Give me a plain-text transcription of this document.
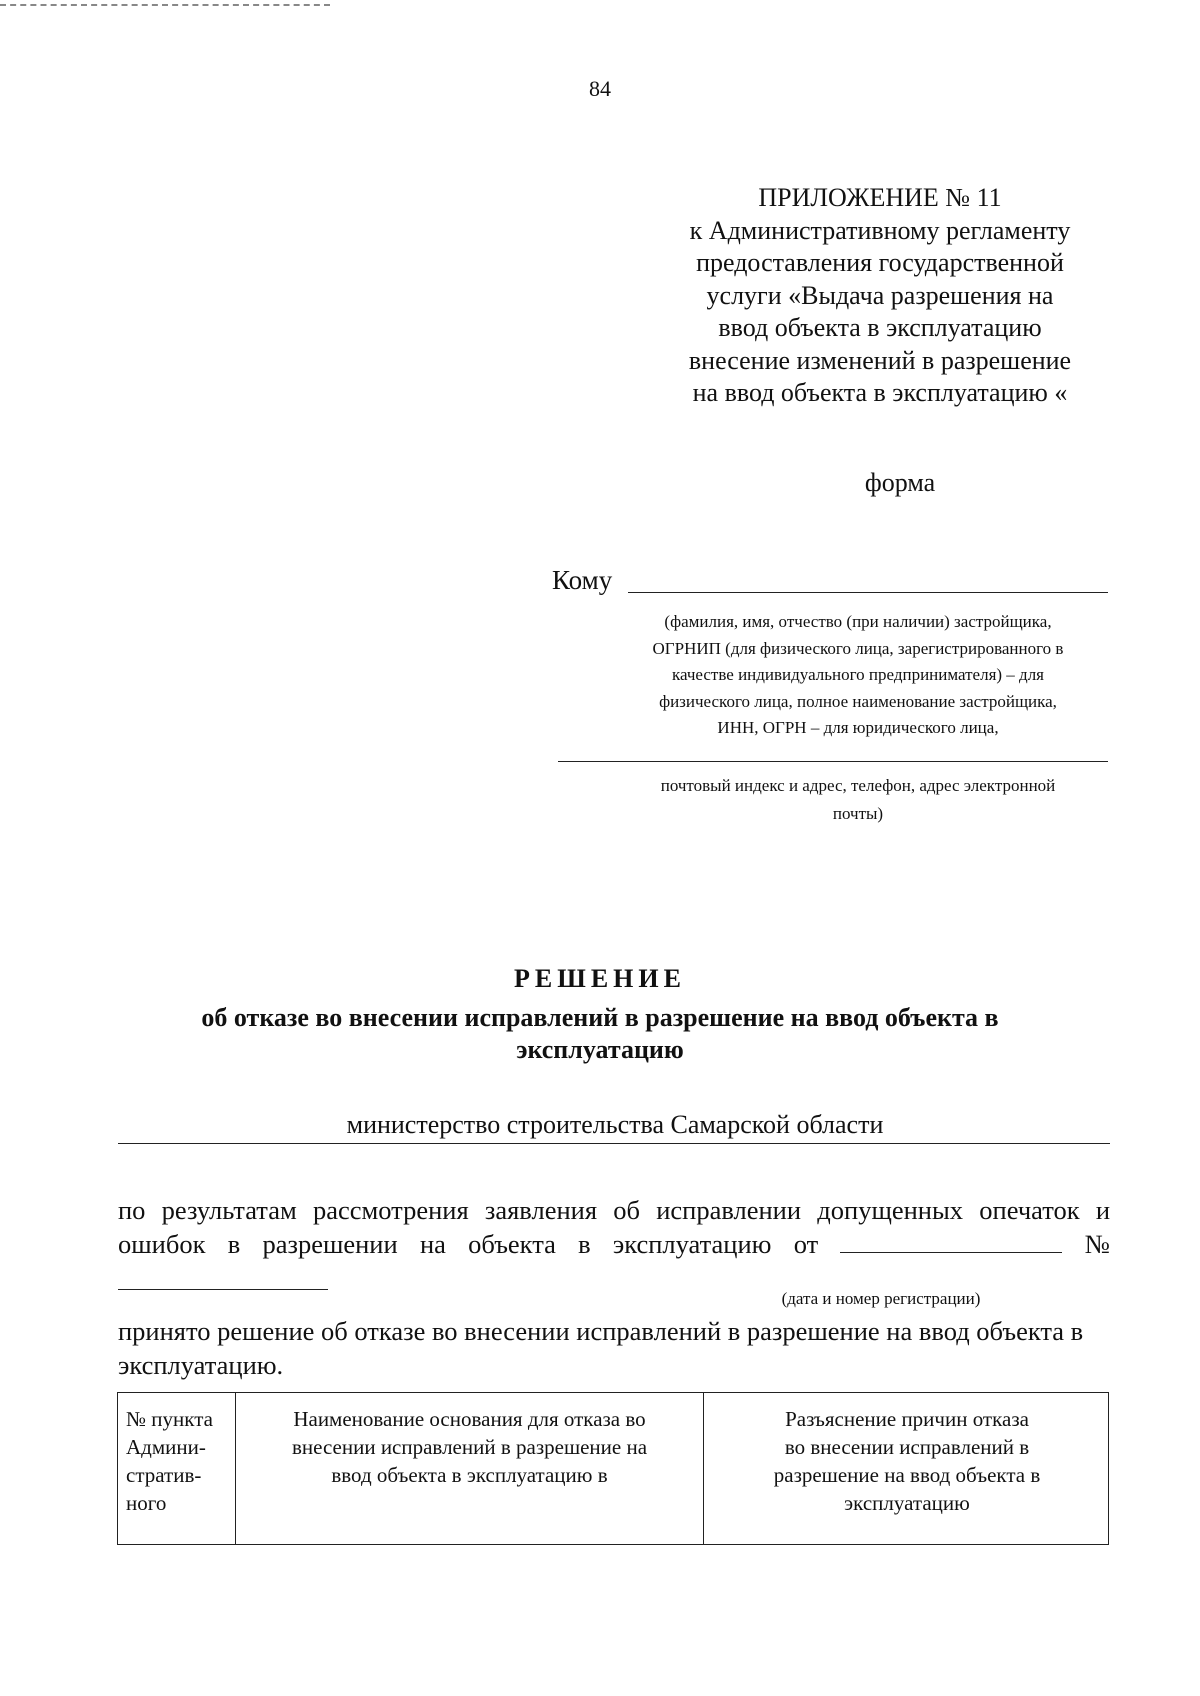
84
ПРИЛОЖЕНИЕ № 11
к Административному регламенту
предоставления государственной
услуги «Выдача разрешения на
ввод объекта в эксплуатацию
внесение изменений в разрешение
на ввод объекта в эксплуатацию «
форма
Кому
(фамилия, имя, отчество (при наличии) застройщика,
ОГРНИП (для физического лица, зарегистрированного в
качестве индивидуального предпринимателя) – для
физического лица, полное наименование застройщика,
ИНН, ОГРН – для юридического лица,
почтовый индекс и адрес, телефон, адрес электронной
почты)
РЕШЕНИЕ
об отказе во внесении исправлений в разрешение на ввод объекта в
эксплуатацию
министерство строительства Самарской области
по результатам рассмотрения заявления об исправлении допущенных опечаток и
ошибок в разрешении на объекта в эксплуатацию от	№
(дата и номер регистрации)
принято решение об отказе во внесении исправлений в разрешение на ввод объекта в эксплуатацию.
№ пункта
Админи-
стратив-
ного
Наименование основания для отказа во
внесении исправлений в разрешение на
ввод объекта в эксплуатацию в
Разъяснение причин отказа
во внесении исправлений в
разрешение на ввод объекта в
эксплуатацию
